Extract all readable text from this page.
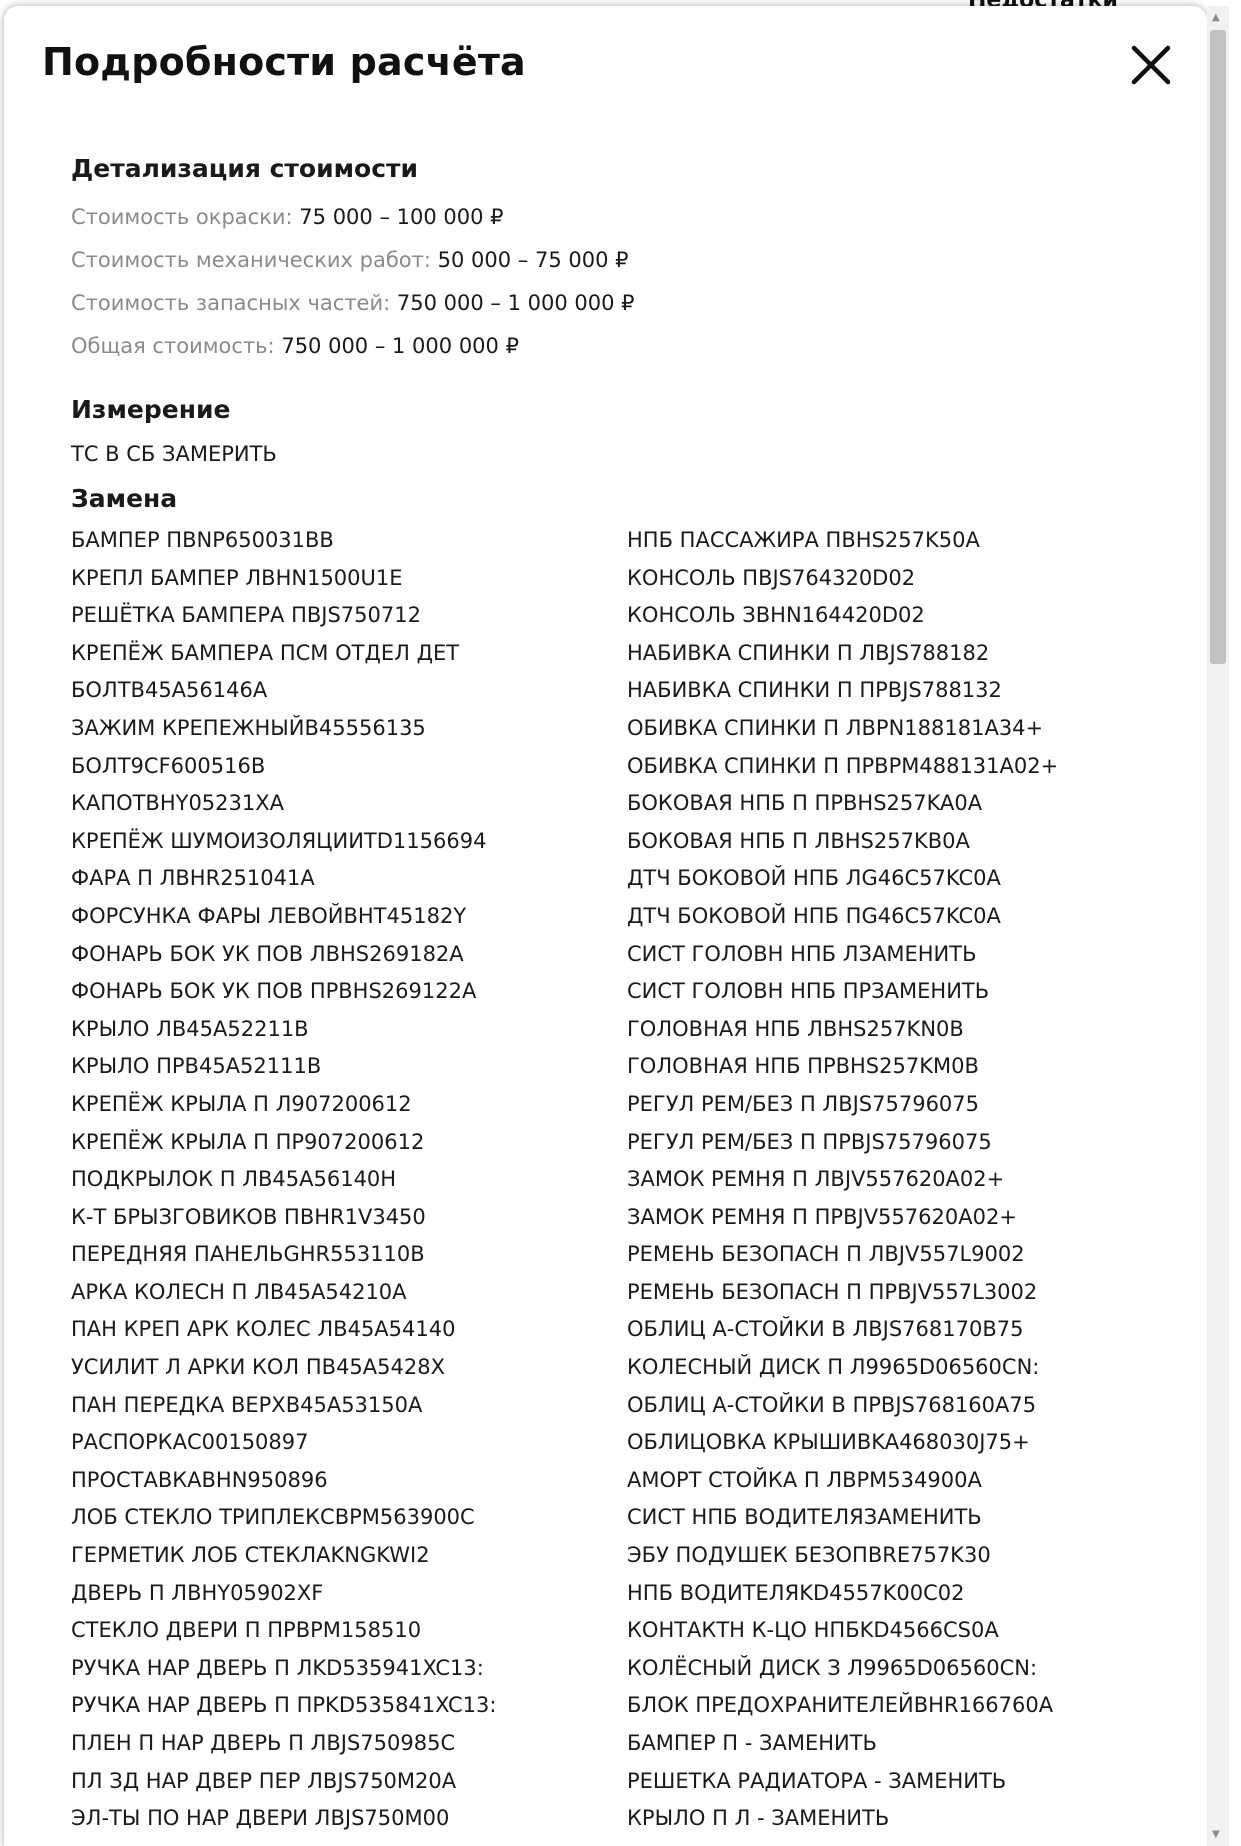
Подробности расчёта
Детализация стоимости
Стоимость окраски: 75 000 – 100 000 ₽
Стоимость механических работ: 50 000 – 75 000 ₽
Стоимость запасных частей: 750 000 – 1 000 000 ₽
Общая стоимость: 750 000 – 1 000 000 ₽
Измерение
ТС В СБ ЗАМЕРИТЬ
Замена
БАМПЕР ПBNP650031BB	НПБ ПАССАЖИРА ПBHS257K50A
КРЕПЛ БАМПЕР ЛBHN1500U1E	КОНСОЛЬ ПBJS764320D02
РЕШЁТКА БАМПЕРА ПBJS750712	КОНСОЛЬ ЗBHN164420D02
КРЕПЁЖ БАМПЕРА ПСМ ОТДЕЛ ДЕТ	НАБИВКА СПИНКИ П ЛBJS788182
БОЛТB45A56146A	НАБИВКА СПИНКИ П ПРBJS788132
ЗАЖИМ КРЕПЕЖНЫЙB45556135	ОБИВКА СПИНКИ П ЛBPN188181A34+
БОЛТ9CF600516B	ОБИВКА СПИНКИ П ПРBPM488131A02+
КАПОТBHY05231XA	БОКОВАЯ НПБ П ПРBHS257KA0A
КРЕПЁЖ ШУМОИЗОЛЯЦИИTD1156694	БОКОВАЯ НПБ П ЛBHS257KB0A
ФАРА П ЛBHR251041A	ДТЧ БОКОВОЙ НПБ ЛG46C57KC0A
ФОРСУНКА ФАРЫ ЛЕВОЙBHT45182Y	ДТЧ БОКОВОЙ НПБ ПG46C57KC0A
ФОНАРЬ БОК УК ПОВ ЛBHS269182A	СИСТ ГОЛОВН НПБ ЛЗАМЕНИТЬ
ФОНАРЬ БОК УК ПОВ ПРBHS269122A	СИСТ ГОЛОВН НПБ ПРЗАМЕНИТЬ
КРЫЛО ЛB45A52211B	ГОЛОВНАЯ НПБ ЛBHS257KN0B
КРЫЛО ПРB45A52111B	ГОЛОВНАЯ НПБ ПРBHS257KM0B
КРЕПЁЖ КРЫЛА П Л907200612	РЕГУЛ РЕМ/БЕЗ П ЛBJS75796075
КРЕПЁЖ КРЫЛА П ПР907200612	РЕГУЛ РЕМ/БЕЗ П ПРBJS75796075
ПОДКРЫЛОК П ЛB45A56140H	ЗАМОК РЕМНЯ П ЛBJV557620A02+
К-Т БРЫЗГОВИКОВ ПBHR1V3450	ЗАМОК РЕМНЯ П ПРBJV557620A02+
ПЕРЕДНЯЯ ПАНЕЛЬGHR553110B	РЕМЕНЬ БЕЗОПАСН П ЛBJV557L9002
АРКА КОЛЕСН П ЛB45A54210A	РЕМЕНЬ БЕЗОПАСН П ПРBJV557L3002
ПАН КРЕП АРК КОЛЕС ЛB45A54140	ОБЛИЦ А-СТОЙКИ В ЛBJS768170B75
УСИЛИТ Л АРКИ КОЛ ПB45A5428X	КОЛЕСНЫЙ ДИСК П Л9965D06560CN:
ПАН ПЕРЕДКА ВЕРХB45A53150A	ОБЛИЦ А-СТОЙКИ В ПРBJS768160A75
РАСПОРКАC00150897	ОБЛИЦОВКА КРЫШИBKA468030J75+
ПРОСТАВКАBHN950896	АМОРТ СТОЙКА П ЛBPM534900A
ЛОБ СТЕКЛО ТРИПЛЕКСBPM563900C	СИСТ НПБ ВОДИТЕЛЯЗАМЕНИТЬ
ГЕРМЕТИК ЛОБ СТЕКЛАKNGKWI2	ЭБУ ПОДУШЕК БЕЗОПBRE757K30
ДВЕРЬ П ЛBHY05902XF	НПБ ВОДИТЕЛЯKD4557K00C02
СТЕКЛО ДВЕРИ П ПРBPM158510	КОНТАКТН К-ЦО НПБKD4566CS0A
РУЧКА НАР ДВЕРЬ П ЛKD535941XC13:	КОЛЁСНЫЙ ДИСК З Л9965D06560CN:
РУЧКА НАР ДВЕРЬ П ПРKD535841XC13:	БЛОК ПРЕДОХРАНИТЕЛЕЙBHR166760A
ПЛЕН П НАР ДВЕРЬ П ЛBJS750985C	БАМПЕР П - ЗАМЕНИТЬ
ПЛ ЗД НАР ДВЕР ПЕР ЛBJS750M20A	РЕШЕТКА РАДИАТОРА - ЗАМЕНИТЬ
ЭЛ-ТЫ ПО НАР ДВЕРИ ЛBJS750M00	КРЫЛО П Л - ЗАМЕНИТЬ
▲
▼
